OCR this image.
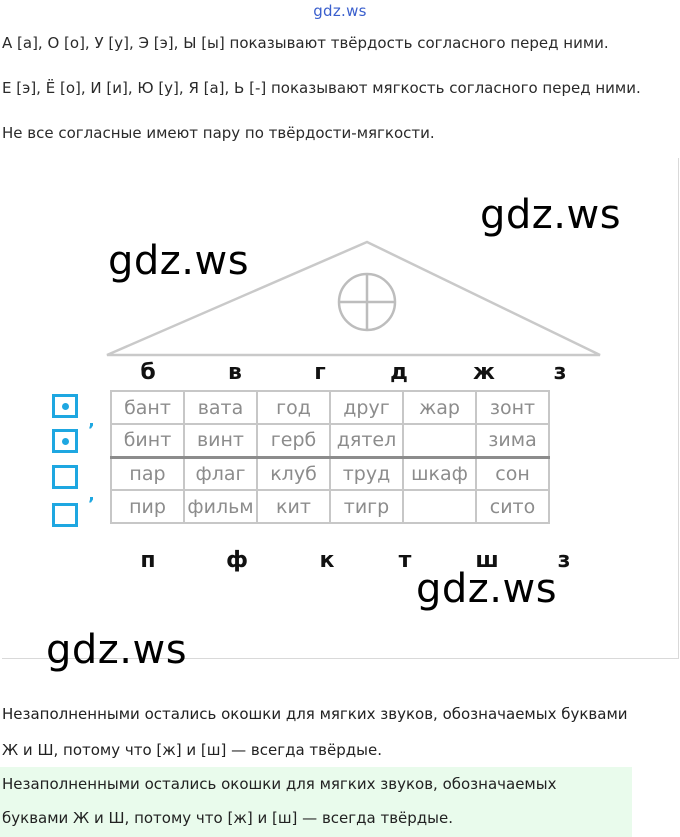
gdz.ws
А [а], О [о], У [у], Э [э], Ы [ы] показывают твёрдость согласного перед ними.
Е [э], Ё [о], И [и], Ю [у], Я [а], Ь [-] показывают мягкость согласного перед ними.
Не все согласные имеют пару по твёрдости-мягкости.
gdz.ws
gdz.ws
gdz.ws
gdz.ws
б	в	г	д	ж	з
’
’
бант	вата	год	друг	жар	зонт
бинт	винт	герб	дятел		зима
пар	флаг	клуб	труд	шкаф	сон
пир	фильм	кит	тигр		сито
п	ф	к	т	ш	з
Незаполненными остались окошки для мягких звуков, обозначаемых буквами
Ж и Ш, потому что [ж] и [ш] — всегда твёрдые.
Незаполненными остались окошки для мягких звуков, обозначаемых
буквами Ж и Ш, потому что [ж] и [ш] — всегда твёрдые.
